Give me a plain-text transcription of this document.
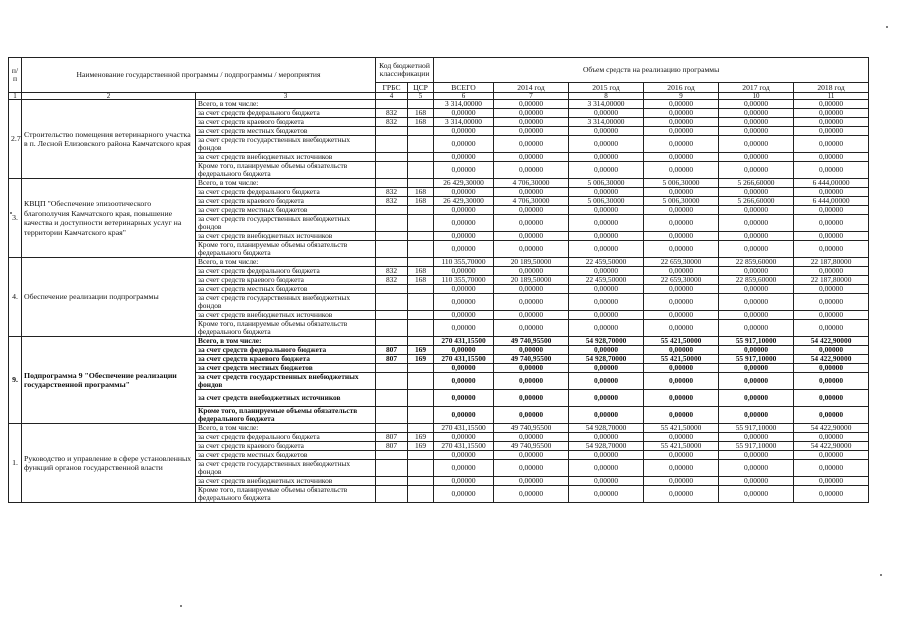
п/п	Наименование государственной программы / подпрограммы / мероприятия		Код бюджетной классификации		Объем средств на реализацию программы					
			ГРБС	ЦСР	ВСЕГО	2014 год	2015 год	2016 год	2017 год	2018 год
1	2	3	4	5	6	7	8	9	10	11
2.7	Строительство помещения ветеринарного участка в п. Лесной Елизовского района Камчатского края	Всего, в том числе:			3 314,00000	0,00000	3 314,00000	0,00000	0,00000	0,00000
		за счет средств федерального бюджета	832	168	0,00000	0,00000	0,00000	0,00000	0,00000	0,00000
		за счет средств краевого бюджета	832	168	3 314,00000	0,00000	3 314,00000	0,00000	0,00000	0,00000
		за счет средств местных бюджетов			0,00000	0,00000	0,00000	0,00000	0,00000	0,00000
		за счет средств государственных внебюджетных фондов			0,00000	0,00000	0,00000	0,00000	0,00000	0,00000
		за счет средств внебюджетных источников			0,00000	0,00000	0,00000	0,00000	0,00000	0,00000
		Кроме того, планируемые объемы обязательств федерального бюджета			0,00000	0,00000	0,00000	0,00000	0,00000	0,00000
3.	КВЦП "Обеспечение эпизоотического благополучия Камчатского края, повышение качества и доступности ветеринарных услуг на территории Камчатского края"	Всего, в том числе:			26 429,30000	4 706,30000	5 006,30000	5 006,30000	5 266,60000	6 444,00000
		за счет средств федерального бюджета	832	168	0,00000	0,00000	0,00000	0,00000	0,00000	0,00000
		за счет средств краевого бюджета	832	168	26 429,30000	4 706,30000	5 006,30000	5 006,30000	5 266,60000	6 444,00000
		за счет средств местных бюджетов			0,00000	0,00000	0,00000	0,00000	0,00000	0,00000
		за счет средств государственных внебюджетных фондов			0,00000	0,00000	0,00000	0,00000	0,00000	0,00000
		за счет средств внебюджетных источников			0,00000	0,00000	0,00000	0,00000	0,00000	0,00000
		Кроме того, планируемые объемы обязательств федерального бюджета			0,00000	0,00000	0,00000	0,00000	0,00000	0,00000
4.	Обеспечение реализации подпрограммы	Всего, в том числе:			110 355,70000	20 189,50000	22 459,50000	22 659,30000	22 859,60000	22 187,80000
		за счет средств федерального бюджета	832	168	0,00000	0,00000	0,00000	0,00000	0,00000	0,00000
		за счет средств краевого бюджета	832	168	110 355,70000	20 189,50000	22 459,50000	22 659,30000	22 859,60000	22 187,80000
		за счет средств местных бюджетов			0,00000	0,00000	0,00000	0,00000	0,00000	0,00000
		за счет средств государственных внебюджетных фондов			0,00000	0,00000	0,00000	0,00000	0,00000	0,00000
		за счет средств внебюджетных источников			0,00000	0,00000	0,00000	0,00000	0,00000	0,00000
		Кроме того, планируемые объемы обязательств федерального бюджета			0,00000	0,00000	0,00000	0,00000	0,00000	0,00000
9.	Подпрограмма 9 "Обеспечение реализации государственной программы"	Всего, в том числе:			270 431,15500	49 740,95500	54 928,70000	55 421,50000	55 917,10000	54 422,90000
		за счет средств федерального бюджета	807	169	0,00000	0,00000	0,00000	0,00000	0,00000	0,00000
		за счет средств краевого бюджета	807	169	270 431,15500	49 740,95500	54 928,70000	55 421,50000	55 917,10000	54 422,90000
		за счет средств местных бюджетов			0,00000	0,00000	0,00000	0,00000	0,00000	0,00000
		за счет средств государственных внебюджетных фондов			0,00000	0,00000	0,00000	0,00000	0,00000	0,00000
		за счет средств внебюджетных источников			0,00000	0,00000	0,00000	0,00000	0,00000	0,00000
		Кроме того, планируемые объемы обязательств федерального бюджета			0,00000	0,00000	0,00000	0,00000	0,00000	0,00000
1.	Руководство и управление в сфере установленных функций органов государственной власти	Всего, в том числе:			270 431,15500	49 740,95500	54 928,70000	55 421,50000	55 917,10000	54 422,90000
		за счет средств федерального бюджета	807	169	0,00000	0,00000	0,00000	0,00000	0,00000	0,00000
		за счет средств краевого бюджета	807	169	270 431,15500	49 740,95500	54 928,70000	55 421,50000	55 917,10000	54 422,90000
		за счет средств местных бюджетов			0,00000	0,00000	0,00000	0,00000	0,00000	0,00000
		за счет средств государственных внебюджетных фондов			0,00000	0,00000	0,00000	0,00000	0,00000	0,00000
		за счет средств внебюджетных источников			0,00000	0,00000	0,00000	0,00000	0,00000	0,00000
		Кроме того, планируемые объемы обязательств федерального бюджета			0,00000	0,00000	0,00000	0,00000	0,00000	0,00000
